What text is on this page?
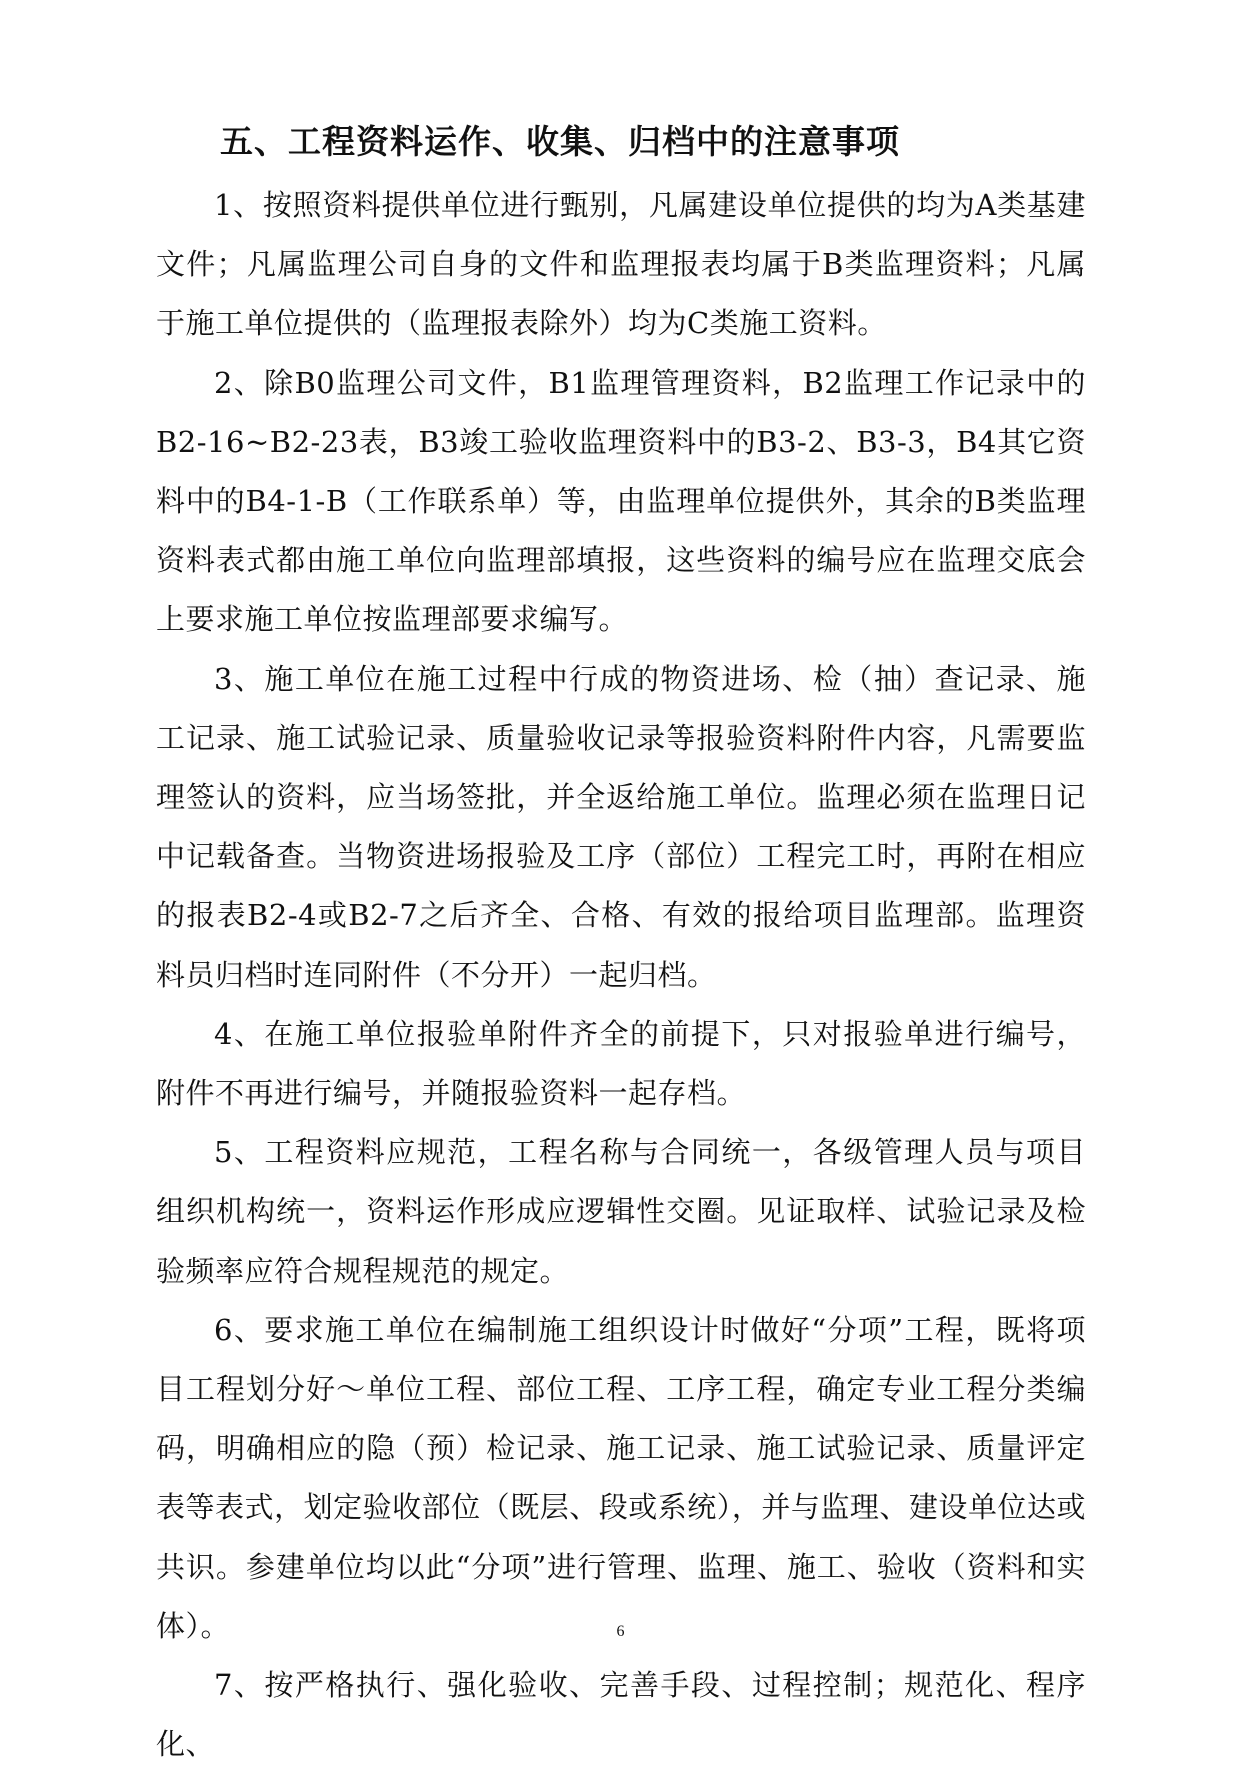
五、工程资料运作、收集、归档中的注意事项

1、按照资料提供单位进行甄别，凡属建设单位提供的均为A类基建文件；凡属监理公司自身的文件和监理报表均属于B类监理资料；凡属于施工单位提供的（监理报表除外）均为C类施工资料。

2、除B0监理公司文件，B1监理管理资料，B2监理工作记录中的B2-16~B2-23表，B3竣工验收监理资料中的B3-2、B3-3，B4其它资料中的B4-1-B（工作联系单）等，由监理单位提供外，其余的B类监理资料表式都由施工单位向监理部填报，这些资料的编号应在监理交底会上要求施工单位按监理部要求编写。

3、施工单位在施工过程中行成的物资进场、检（抽）查记录、施工记录、施工试验记录、质量验收记录等报验资料附件内容，凡需要监理签认的资料，应当场签批，并全返给施工单位。监理必须在监理日记中记载备查。当物资进场报验及工序（部位）工程完工时，再附在相应的报表B2-4或B2-7之后齐全、合格、有效的报给项目监理部。监理资料员归档时连同附件（不分开）一起归档。

4、在施工单位报验单附件齐全的前提下，只对报验单进行编号，附件不再进行编号，并随报验资料一起存档。

5、工程资料应规范，工程名称与合同统一，各级管理人员与项目组织机构统一，资料运作形成应逻辑性交圈。见证取样、试验记录及检验频率应符合规程规范的规定。

6、要求施工单位在编制施工组织设计时做好“分项”工程，既将项目工程划分好～单位工程、部位工程、工序工程，确定专业工程分类编码，明确相应的隐（预）检记录、施工记录、施工试验记录、质量评定表等表式，划定验收部位（既层、段或系统），并与监理、建设单位达或共识。参建单位均以此“分项”进行管理、监理、施工、验收（资料和实体）。

7、按严格执行、强化验收、完善手段、过程控制；规范化、程序化、

6
